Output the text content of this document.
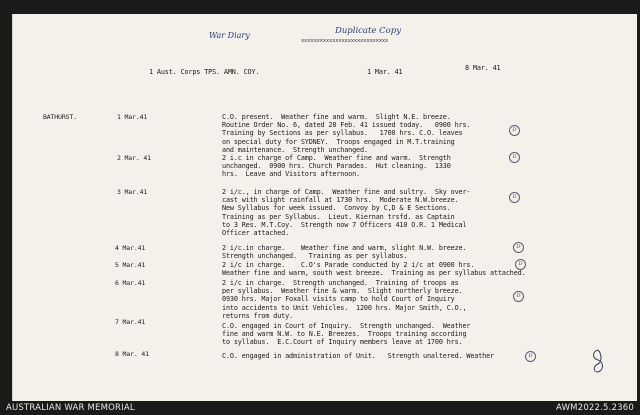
War Diary	Duplicate Copy
xxxxxxxxxxxxxxxxxxxxxxxxxxxx
1 Aust. Corps TPS. AMN. COY.	1 Mar. 41	8 Mar. 41
BATHURST.	1 Mar.41	C.O. present.  Weather fine and warm.  Slight N.E. breeze.
Routine Order No. 6, dated 28 Feb. 41 issued today.   0900 hrs.
Training by Sections as per syllabus.   1700 hrs. C.O. leaves
on special duty for SYDNEY.  Troops engaged in M.T.training
and maintenance.  Strength unchanged.
D
2 Mar. 41	2 i.c in charge of Camp.  Weather fine and warm.  Strength
unchanged.  0900 hrs. Church Parades.  Hut cleaning.  1330
hrs.  Leave and Visitors afternoon.
D
3 Mar.41	2 i/c., in charge of Camp.  Weather fine and sultry.  Sky over-
cast with slight rainfall at 1730 hrs.  Moderate N.W.breeze.
New Syllabus for week issued.  Convoy by C,D & E Sections.
Training as per Syllabus.  Lieut. Kiernan trsfd. as Captain
to 3 Res. M.T.Coy.  Strength now 7 Officers 410 O.R. 1 Medical
Officer attached.
D
4 Mar.41	2 i/c.in charge.    Weather fine and warm, slight N.W. breeze.
Strength unchanged.   Training as per syllabus.
D
5 Mar.41	2 i/c in charge.    C.O's Parade conducted by 2 i/c at 0900 hrs.
Weather fine and warm, south west breeze.  Training as per syllabus attached.
D
6 Mar.41	2 i/c in charge.  Strength unchanged.  Training of troops as
per syllabus.  Weather fine & warm.  Slight northerly breeze.
0930 hrs. Major Foxall visits camp to hold Court of Inquiry
into accidents to Unit Vehicles.  1200 hrs. Major Smith, C.O.,
returns from duty.
D
7 Mar.41	C.O. engaged in Court of Inquiry.  Strength unchanged.  Weather
fine and warm N.W. to N.E. Breezes.  Troops training according
to syllabus.  E.C.Court of Inquiry members leave at 1700 hrs.
8 Mar. 41	C.O. engaged in administration of Unit.   Strength unaltered. Weather	D
AUSTRALIAN WAR MEMORIAL	AWM2022.5.2360
